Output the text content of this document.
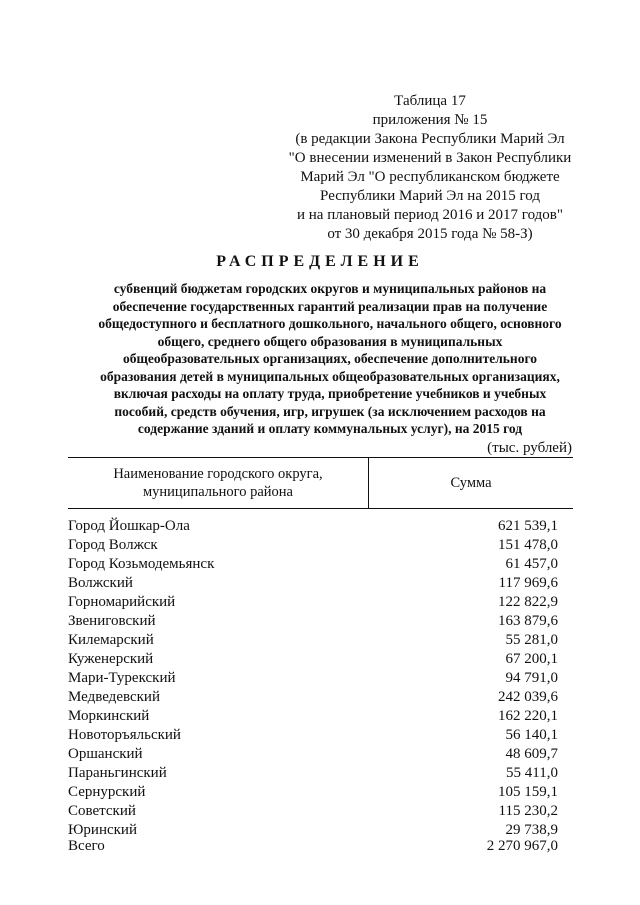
Таблица 17
приложения № 15
(в редакции Закона Республики Марий Эл
"О внесении изменений в Закон Республики
Марий Эл "О республиканском бюджете
Республики Марий Эл на 2015 год
и на плановый период 2016 и 2017 годов"
от 30 декабря 2015 года № 58-З)
РАСПРЕДЕЛЕНИЕ
субвенций бюджетам городских округов и муниципальных районов на
обеспечение государственных гарантий реализации прав на получение
общедоступного и бесплатного дошкольного, начального общего, основного
общего, среднего общего образования в муниципальных
общеобразовательных организациях, обеспечение дополнительного
образования детей в муниципальных общеобразовательных организациях,
включая расходы на оплату труда, приобретение учебников и учебных
пособий, средств обучения, игр, игрушек (за исключением расходов на
содержание зданий и оплату коммунальных услуг), на 2015 год
(тыс. рублей)
Наименование городского округа,
муниципального района
Сумма
Город Йошкар-Ола	621 539,1
Город Волжск	151 478,0
Город Козьмодемьянск	61 457,0
Волжский	117 969,6
Горномарийский	122 822,9
Звениговский	163 879,6
Килемарский	55 281,0
Куженерский	67 200,1
Мари-Турекский	94 791,0
Медведевский	242 039,6
Моркинский	162 220,1
Новоторъяльский	56 140,1
Оршанский	48 609,7
Параньгинский	55 411,0
Сернурский	105 159,1
Советский	115 230,2
Юринский	29 738,9
Всего	2 270 967,0
